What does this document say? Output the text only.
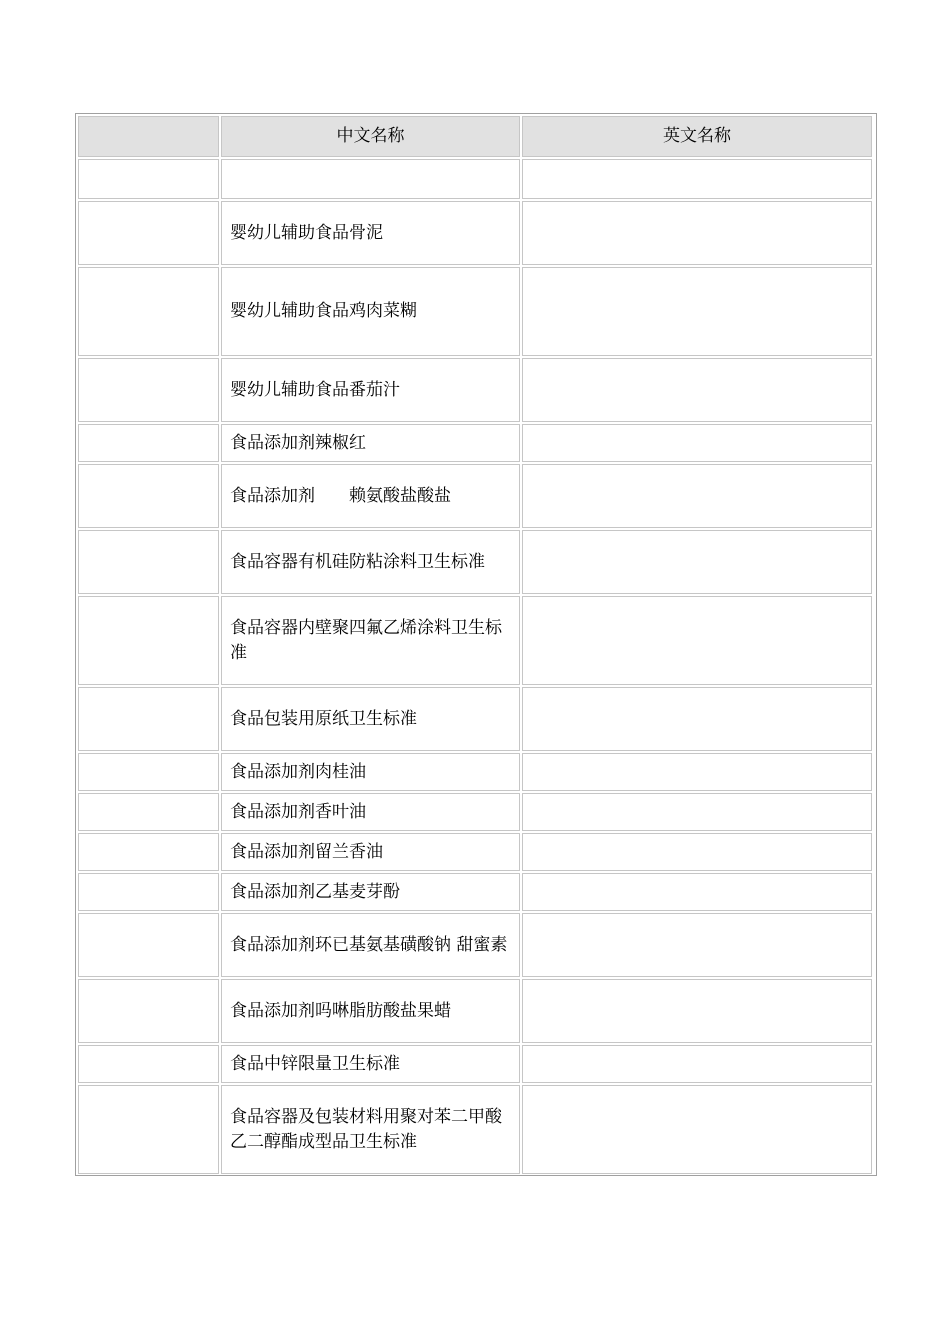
	中文名称	英文名称

	婴幼儿辅助食品骨泥	
	婴幼儿辅助食品鸡肉菜糊	
	婴幼儿辅助食品番茄汁	
	食品添加剂辣椒红	
	食品添加剂　　赖氨酸盐酸盐	
	食品容器有机硅防粘涂料卫生标准	
	食品容器内壁聚四氟乙烯涂料卫生标准	
	食品包装用原纸卫生标准	
	食品添加剂肉桂油	
	食品添加剂香叶油	
	食品添加剂留兰香油	
	食品添加剂乙基麦芽酚	
	食品添加剂环已基氨基磺酸钠 甜蜜素	
	食品添加剂吗啉脂肪酸盐果蜡	
	食品中锌限量卫生标准	
	食品容器及包装材料用聚对苯二甲酸乙二醇酯成型品卫生标准	
